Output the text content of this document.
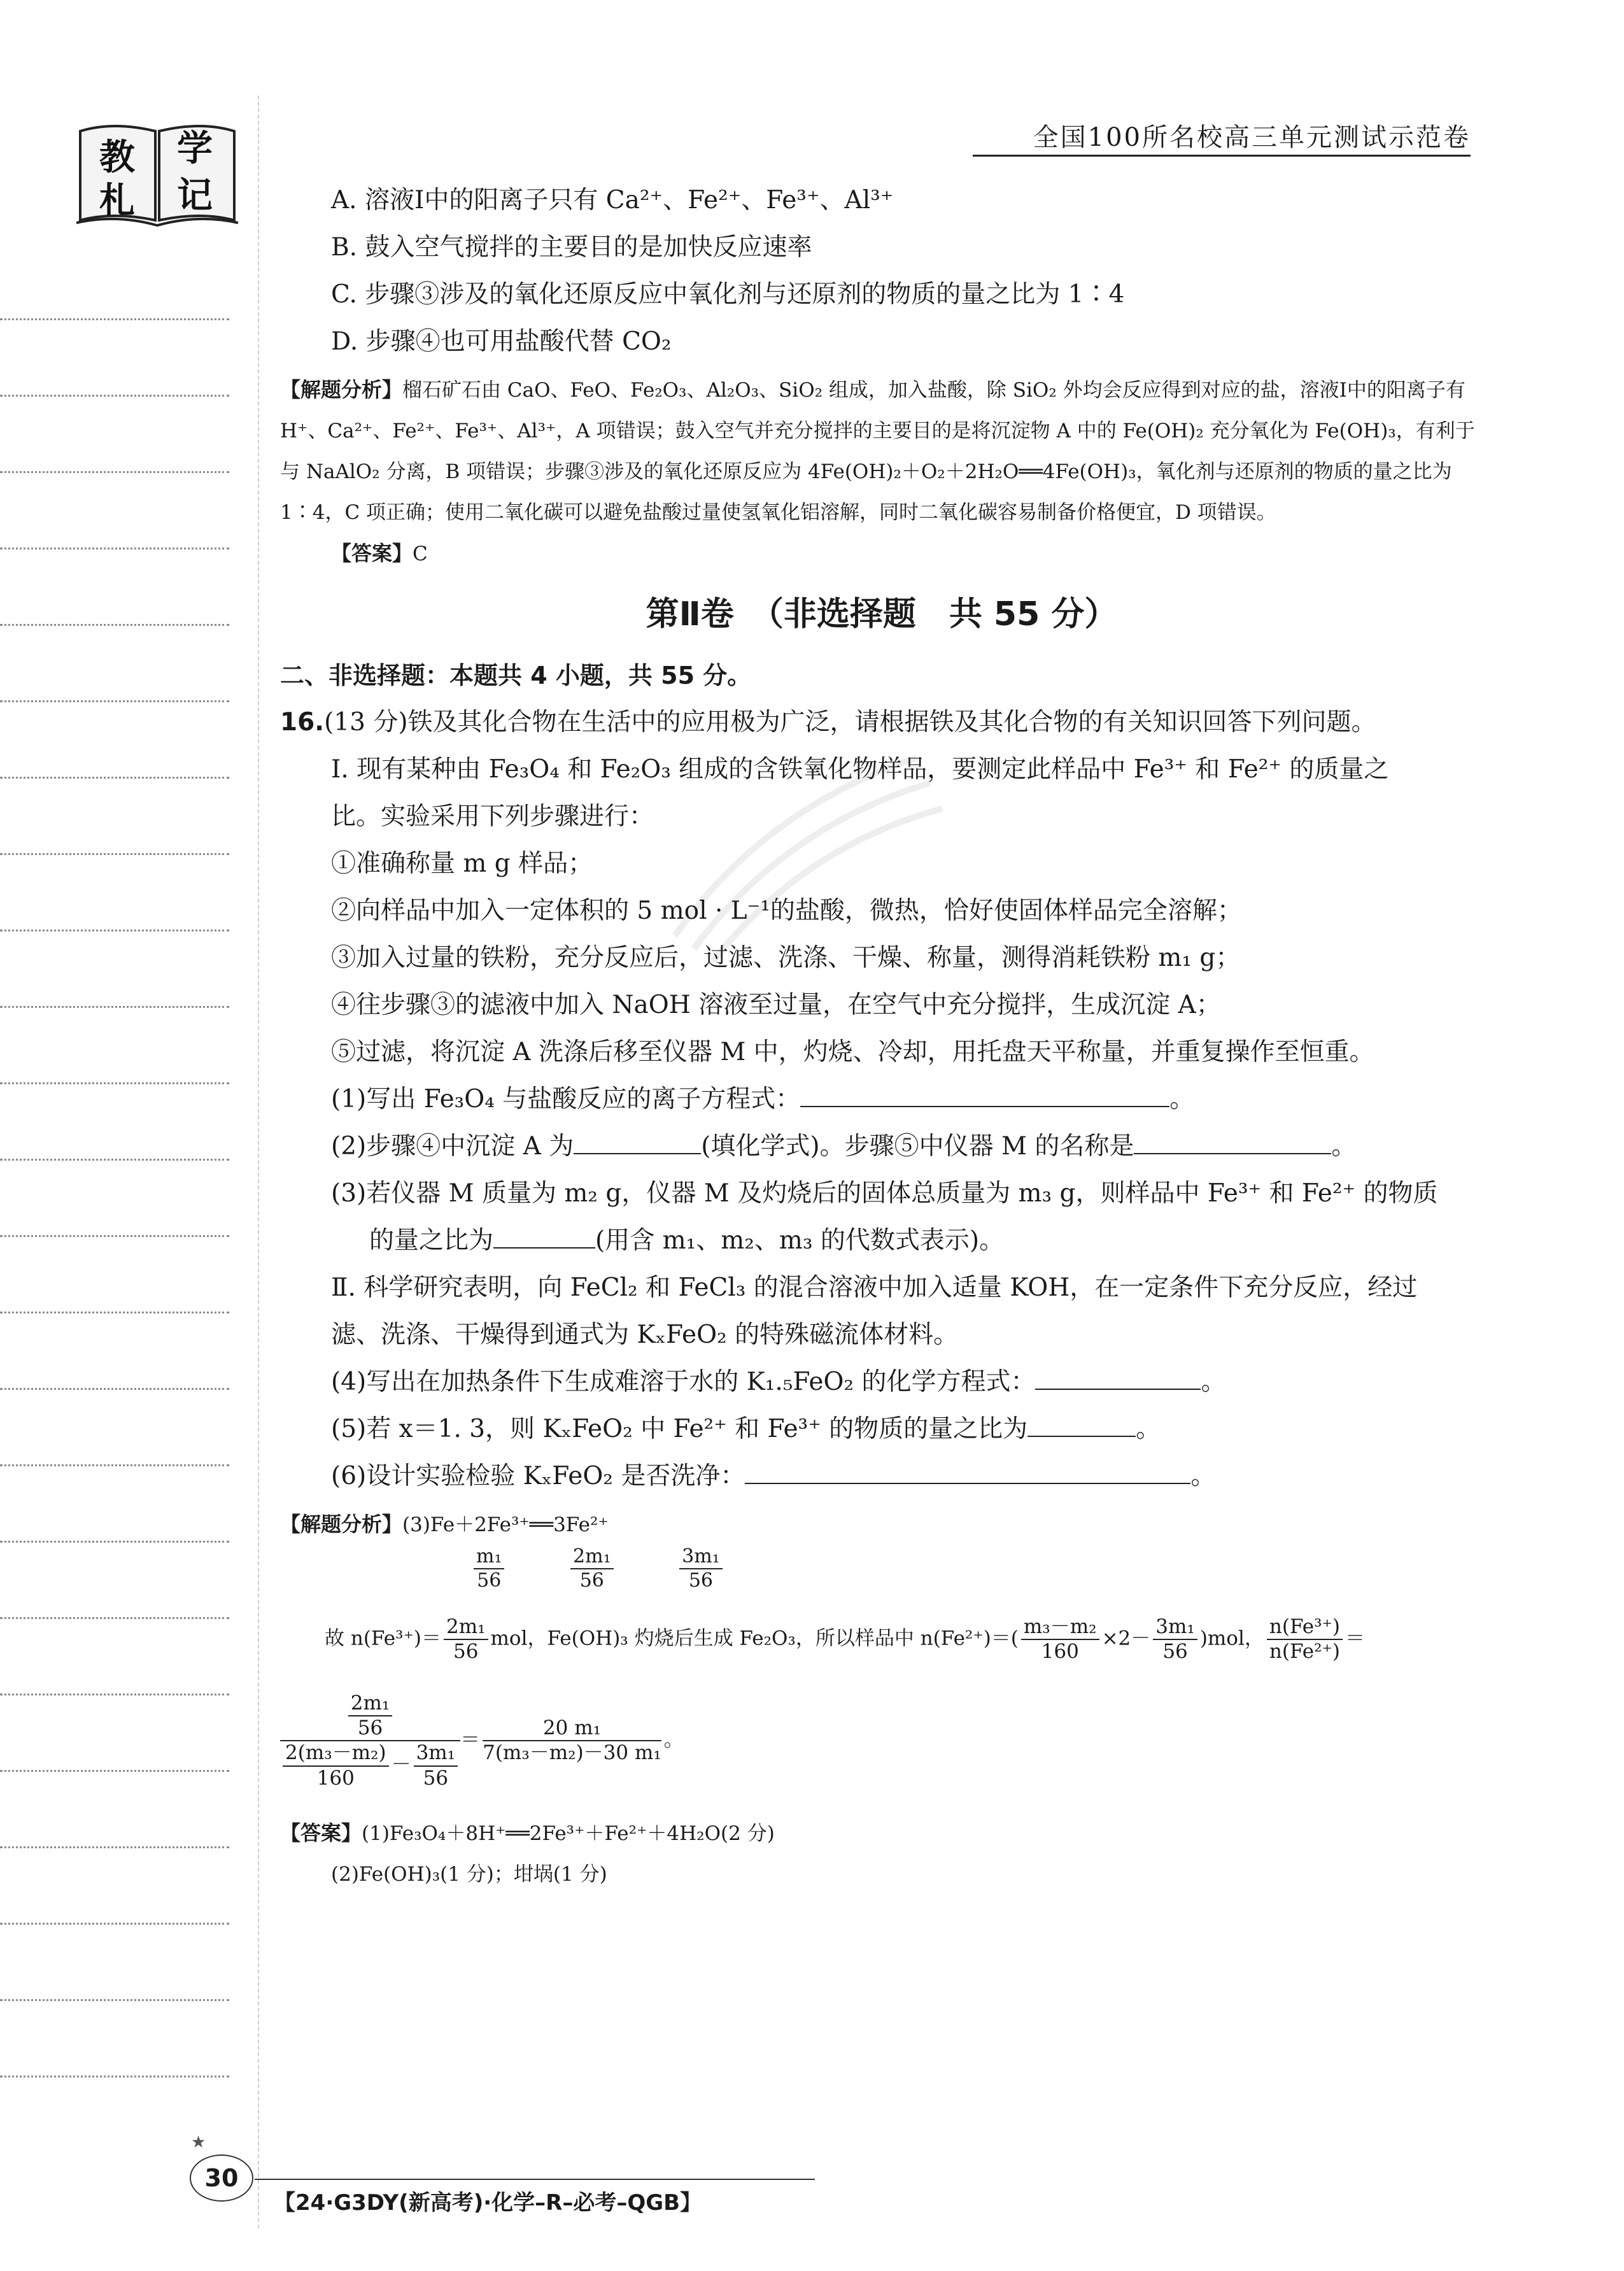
全国100所名校高三单元测试示范卷
教 学
札 记	A. 溶液Ⅰ中的阳离子只有 Ca²⁺、Fe²⁺、Fe³⁺、Al³⁺

B. 鼓入空气搅拌的主要目的是加快反应速率

C. 步骤③涉及的氧化还原反应中氧化剂与还原剂的物质的量之比为 1∶4

D. 步骤④也可用盐酸代替 CO₂

【解题分析】榴石矿石由 CaO、FeO、Fe₂O₃、Al₂O₃、SiO₂ 组成，加入盐酸，除 SiO₂ 外均会反应得到对应的盐，溶液Ⅰ中的阳离子有 H⁺、Ca²⁺、Fe²⁺、Fe³⁺、Al³⁺，A 项错误；鼓入空气并充分搅拌的主要目的是将沉淀物 A 中的 Fe(OH)₂ 充分氧化为 Fe(OH)₃，有利于与 NaAlO₂ 分离，B 项错误；步骤③涉及的氧化还原反应为 4Fe(OH)₂＋O₂＋2H₂O══4Fe(OH)₃，氧化剂与还原剂的物质的量之比为 1∶4，C 项正确；使用二氧化碳可以避免盐酸过量使氢氧化铝溶解，同时二氧化碳容易制备价格便宜，D 项错误。

【答案】C

第Ⅱ卷　（非选择题　共 55 分）

二、非选择题：本题共 4 小题，共 55 分。

16.(13 分)铁及其化合物在生活中的应用极为广泛，请根据铁及其化合物的有关知识回答下列问题。

Ⅰ. 现有某种由 Fe₃O₄ 和 Fe₂O₃ 组成的含铁氧化物样品，要测定此样品中 Fe³⁺ 和 Fe²⁺ 的质量之

比。实验采用下列步骤进行：

①准确称量 m g 样品；

②向样品中加入一定体积的 5 mol · L⁻¹的盐酸，微热，恰好使固体样品完全溶解；

③加入过量的铁粉，充分反应后，过滤、洗涤、干燥、称量，测得消耗铁粉 m₁ g；

④往步骤③的滤液中加入 NaOH 溶液至过量，在空气中充分搅拌，生成沉淀 A；

⑤过滤，将沉淀 A 洗涤后移至仪器 M 中，灼烧、冷却，用托盘天平称量，并重复操作至恒重。

(1)写出 Fe₃O₄ 与盐酸反应的离子方程式：	。

(2)步骤④中沉淀 A 为	(填化学式)。步骤⑤中仪器 M 的名称是	。

(3)若仪器 M 质量为 m₂ g，仪器 M 及灼烧后的固体总质量为 m₃ g，则样品中 Fe³⁺ 和 Fe²⁺ 的物质

的量之比为	(用含 m₁、m₂、m₃ 的代数式表示)。

Ⅱ. 科学研究表明，向 FeCl₂ 和 FeCl₃ 的混合溶液中加入适量 KOH，在一定条件下充分反应，经过

滤、洗涤、干燥得到通式为 KₓFeO₂ 的特殊磁流体材料。

(4)写出在加热条件下生成难溶于水的 K₁.₅FeO₂ 的化学方程式：	。

(5)若 x＝1. 3，则 KₓFeO₂ 中 Fe²⁺ 和 Fe³⁺ 的物质的量之比为	。

(6)设计实验检验 KₓFeO₂ 是否洗净：	。

【解题分析】(3)Fe＋2Fe³⁺══3Fe²⁺

$\frac{\text{m₁}}{56}$
	$\frac{\text{2m₁}}{56}$
	$\frac{\text{3m₁}}{56}$

故 $n(Fe^{3+})= \frac{\text{2m₁}}{56}$ mol，Fe(OH)₃ 灼烧后生成 Fe₂O₃，所以样品中 $n(Fe^{2+})=( \frac{\text{m₃－m₂}}{160} \times 2- \frac{\text{3m₁}}{56} )mol$， $\frac{\text{n(Fe³⁺)}}{\text{n(Fe²⁺)}}$ ＝

$\frac{\frac{\text{2m₁}}{56}}{\frac{\text{2(m₃－m₂)}}{160} - \frac{\text{3m₁}}{56}} = \frac{\text{20 m₁}}{\text{7(m₃－m₂)－30 m₁}}$ 。

【答案】(1)Fe₃O₄＋8H⁺══2Fe³⁺＋Fe²⁺＋4H₂O(2 分)

(2)Fe(OH)₃(1 分)；坩埚(1 分)

★
30
【24·G3DY(新高考)·化学–R–必考–QGB】
